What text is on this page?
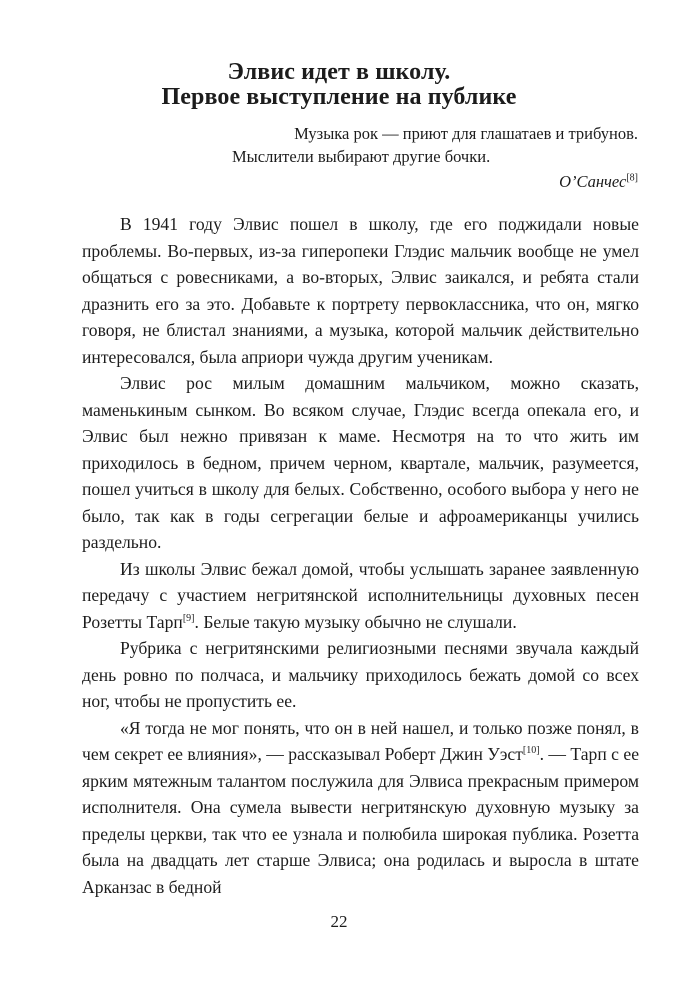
Элвис идет в школу.
Первое выступление на публике
Музыка рок — приют для глашатаев и трибунов.
Мыслители выбирают другие бочки.
О’Санчес[8]

В 1941 году Элвис пошел в школу, где его поджидали новые проблемы. Во-первых, из-за гиперопеки Глэдис мальчик вообще не умел общаться с ровесниками, а во-вторых, Элвис заикался, и ребята стали дразнить его за это. Добавьте к портрету первоклассника, что он, мягко говоря, не блистал знаниями, а музыка, которой мальчик действительно интересовался, была априори чужда другим ученикам.

Элвис рос милым домашним мальчиком, можно сказать, маменькиным сынком. Во всяком случае, Глэдис всегда опекала его, и Элвис был нежно привязан к маме. Несмотря на то что жить им приходилось в бедном, причем черном, квартале, мальчик, разумеется, пошел учиться в школу для белых. Собственно, особого выбора у него не было, так как в годы сегрегации белые и афроамериканцы учились раздельно.

Из школы Элвис бежал домой, чтобы услышать заранее заявленную передачу с участием негритянской исполнительницы духовных песен Розетты Тарп[9]. Белые такую музыку обычно не слушали.

Рубрика с негритянскими религиозными песнями звучала каждый день ровно по полчаса, и мальчику приходилось бежать домой со всех ног, чтобы не пропустить ее.

«Я тогда не мог понять, что он в ней нашел, и только позже понял, в чем секрет ее влияния», — рассказывал Роберт Джин Уэст[10]. — Тарп с ее ярким мятежным талантом послужила для Элвиса прекрасным примером исполнителя. Она сумела вывести негритянскую духовную музыку за пределы церкви, так что ее узнала и полюбила широкая публика. Розетта была на двадцать лет старше Элвиса; она родилась и выросла в штате Арканзас в бедной

22
